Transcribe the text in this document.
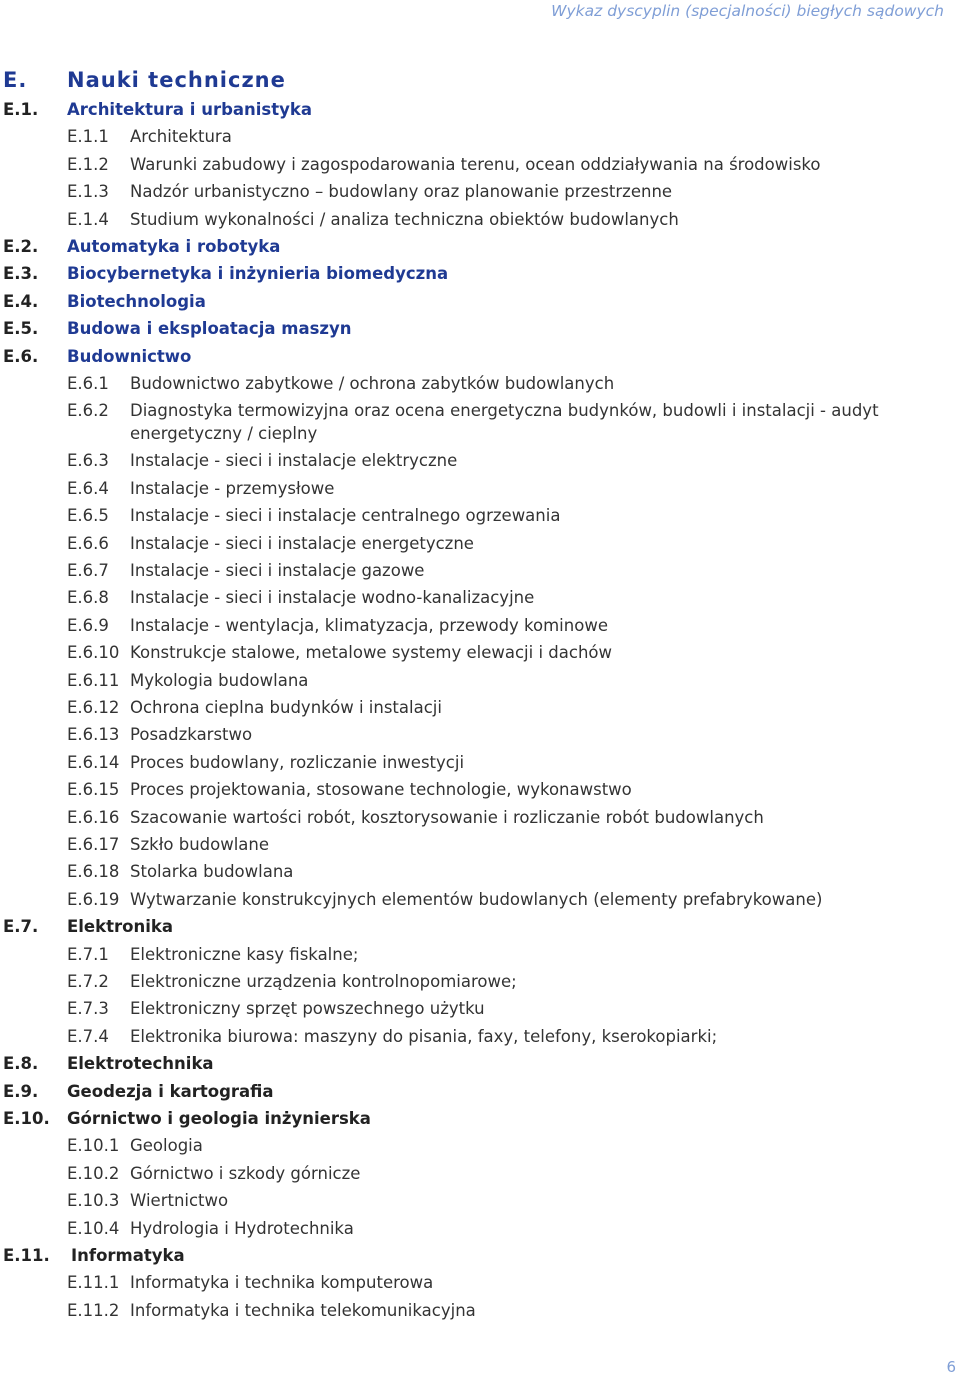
Wykaz dyscyplin (specjalności) biegłych sądowych
E. Nauki techniczne
E.1. Architektura i urbanistyka
E.1.1 Architektura
E.1.2 Warunki zabudowy i zagospodarowania terenu, ocean oddziaływania na środowisko
E.1.3 Nadzór urbanistyczno – budowlany oraz planowanie przestrzenne
E.1.4 Studium wykonalności / analiza techniczna obiektów budowlanych
E.2. Automatyka i robotyka
E.3. Biocybernetyka i inżynieria biomedyczna
E.4. Biotechnologia
E.5. Budowa i eksploatacja maszyn
E.6. Budownictwo
E.6.1 Budownictwo zabytkowe / ochrona zabytków budowlanych
E.6.2 Diagnostyka termowizyjna oraz ocena energetyczna budynków, budowli i instalacji - audyt energetyczny / cieplny
E.6.3 Instalacje - sieci i instalacje elektryczne
E.6.4 Instalacje - przemysłowe
E.6.5 Instalacje - sieci i instalacje centralnego ogrzewania
E.6.6 Instalacje - sieci i instalacje energetyczne
E.6.7 Instalacje - sieci i instalacje gazowe
E.6.8 Instalacje - sieci i instalacje wodno-kanalizacyjne
E.6.9 Instalacje - wentylacja, klimatyzacja, przewody kominowe
E.6.10 Konstrukcje stalowe, metalowe systemy elewacji i dachów
E.6.11 Mykologia budowlana
E.6.12 Ochrona cieplna budynków i instalacji
E.6.13 Posadzkarstwo
E.6.14 Proces budowlany, rozliczanie inwestycji
E.6.15 Proces projektowania, stosowane technologie, wykonawstwo
E.6.16 Szacowanie wartości robót, kosztorysowanie i rozliczanie robót budowlanych
E.6.17 Szkło budowlane
E.6.18 Stolarka budowlana
E.6.19 Wytwarzanie konstrukcyjnych elementów budowlanych (elementy prefabrykowane)
E.7. Elektronika
E.7.1 Elektroniczne kasy fiskalne;
E.7.2 Elektroniczne urządzenia kontrolnopomiarowe;
E.7.3 Elektroniczny sprzęt powszechnego użytku
E.7.4 Elektronika biurowa: maszyny do pisania, faxy, telefony, kserokopiarki;
E.8. Elektrotechnika
E.9. Geodezja i kartografia
E.10. Górnictwo i geologia inżynierska
E.10.1 Geologia
E.10.2 Górnictwo i szkody górnicze
E.10.3 Wiertnictwo
E.10.4 Hydrologia i Hydrotechnika
E.11. Informatyka
E.11.1 Informatyka i technika komputerowa
E.11.2 Informatyka i technika telekomunikacyjna
6
